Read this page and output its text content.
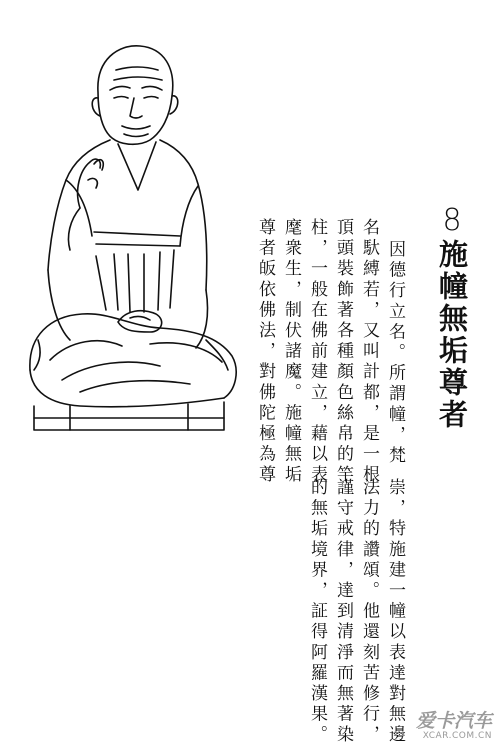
8
施幢無垢尊者
因德行立名。所謂幢，梵
名馱縛若，又叫計都，是一根
頂頭裝飾著各種顏色絲帛的竿
柱，一般在佛前建立，藉以表
麾衆生，制伏諸魔。施幢無垢
尊者皈依佛法，對佛陀極為尊
崇，特施建一幢以表達對無邊
法力的讚頌。他還刻苦修行，
謹守戒律，達到清淨而無著染
的無垢境界，証得阿羅漢果。	爱卡汽车
XCAR.COM.CN
